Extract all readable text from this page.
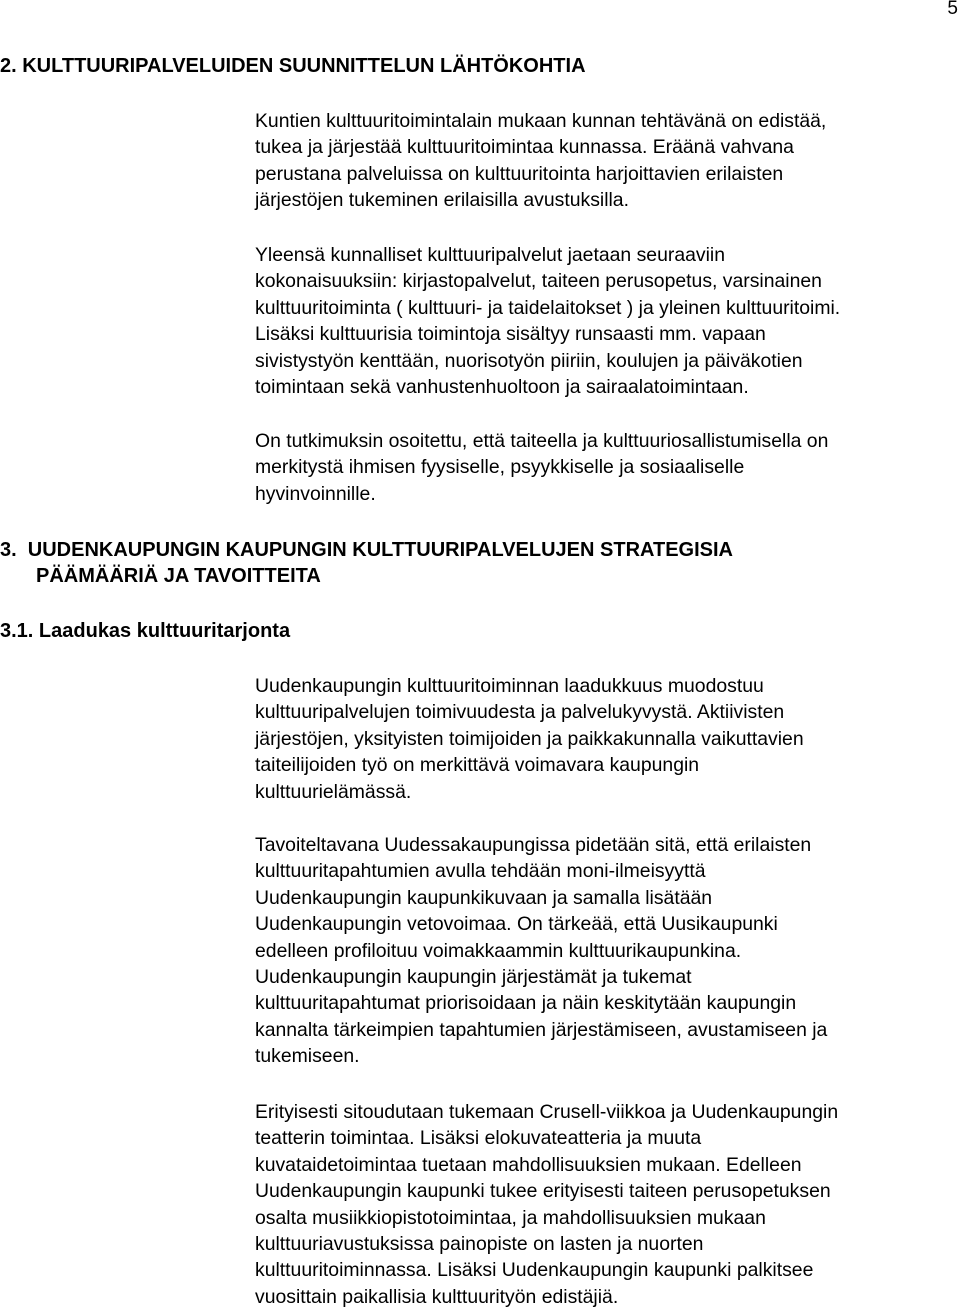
5
2. KULTTUURIPALVELUIDEN SUUNNITTELUN LÄHTÖKOHTIA

Kuntien kulttuuritoimintalain mukaan kunnan tehtävänä on edistää,
tukea ja järjestää kulttuuritoimintaa kunnassa. Eräänä vahvana
perustana palveluissa on kulttuuritointa harjoittavien erilaisten
järjestöjen tukeminen erilaisilla avustuksilla.

Yleensä kunnalliset kulttuuripalvelut jaetaan seuraaviin
kokonaisuuksiin: kirjastopalvelut, taiteen perusopetus, varsinainen
kulttuuritoiminta ( kulttuuri- ja taidelaitokset ) ja yleinen kulttuuritoimi.
Lisäksi kulttuurisia toimintoja sisältyy runsaasti mm. vapaan
sivistystyön kenttään, nuorisotyön piiriin, koulujen ja päiväkotien
toimintaan sekä vanhustenhuoltoon ja sairaalatoimintaan.

On tutkimuksin osoitettu, että taiteella ja kulttuuriosallistumisella on
merkitystä ihmisen fyysiselle, psyykkiselle ja sosiaaliselle
hyvinvoinnille.

3.  UUDENKAUPUNGIN KAUPUNGIN KULTTUURIPALVELUJEN STRATEGISIA
PÄÄMÄÄRIÄ JA TAVOITTEITA
3.1. Laadukas kulttuuritarjonta

Uudenkaupungin kulttuuritoiminnan laadukkuus muodostuu
kulttuuripalvelujen toimivuudesta ja palvelukyvystä. Aktiivisten
järjestöjen, yksityisten toimijoiden ja paikkakunnalla vaikuttavien
taiteilijoiden työ on merkittävä voimavara kaupungin
kulttuurielämässä.

Tavoiteltavana Uudessakaupungissa pidetään sitä, että erilaisten
kulttuuritapahtumien avulla tehdään moni-ilmeisyyttä
Uudenkaupungin kaupunkikuvaan ja samalla lisätään
Uudenkaupungin vetovoimaa. On tärkeää, että Uusikaupunki
edelleen profiloituu voimakkaammin kulttuurikaupunkina.
Uudenkaupungin kaupungin järjestämät ja tukemat
kulttuuritapahtumat priorisoidaan ja näin keskitytään kaupungin
kannalta tärkeimpien tapahtumien järjestämiseen, avustamiseen ja
tukemiseen.

Erityisesti sitoudutaan tukemaan Crusell-viikkoa ja Uudenkaupungin
teatterin toimintaa. Lisäksi elokuvateatteria ja muuta
kuvataidetoimintaa tuetaan mahdollisuuksien mukaan. Edelleen
Uudenkaupungin kaupunki tukee erityisesti taiteen perusopetuksen
osalta musiikkiopistotoimintaa, ja mahdollisuuksien mukaan
kulttuuriavustuksissa painopiste on lasten ja nuorten
kulttuuritoiminnassa. Lisäksi Uudenkaupungin kaupunki palkitsee
vuosittain paikallisia kulttuurityön edistäjiä.
